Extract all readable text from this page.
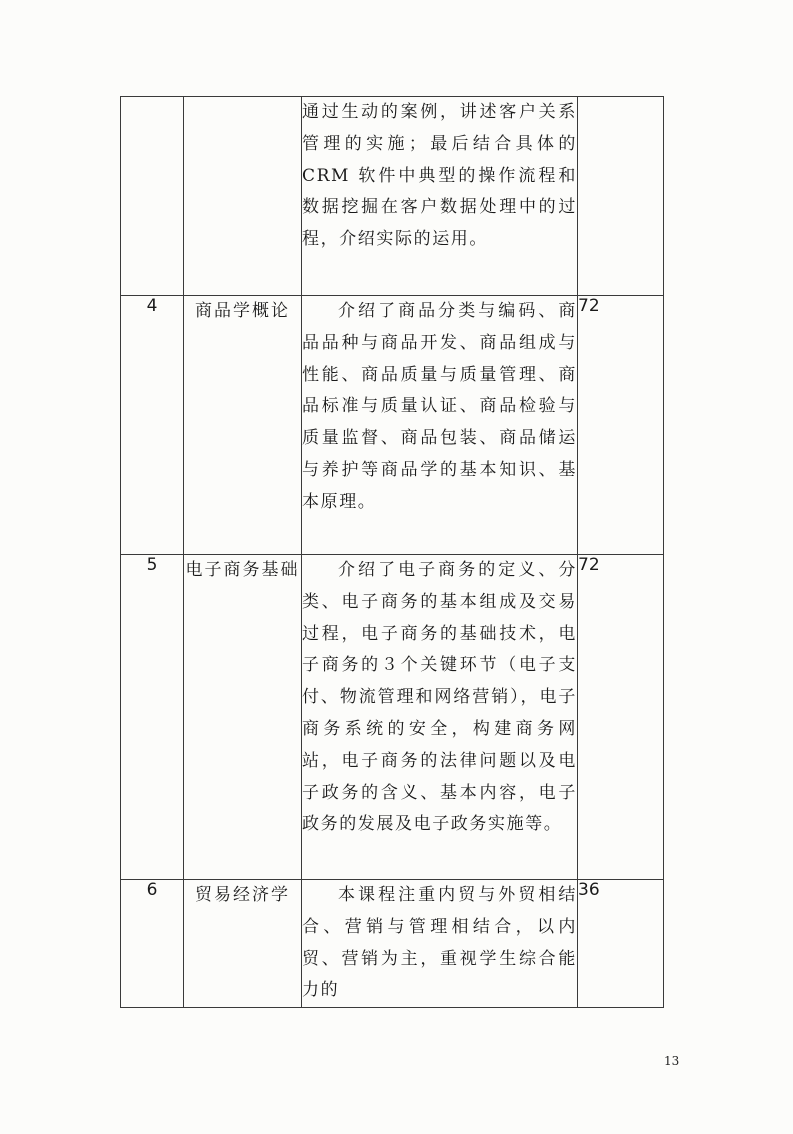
		通过生动的案例，讲述客户关系管理的实施；最后结合具体的CRM 软件中典型的操作流程和数据挖掘在客户数据处理中的过程，介绍实际的运用。	
4	商品学概论	介绍了商品分类与编码、商品品种与商品开发、商品组成与性能、商品质量与质量管理、商品标准与质量认证、商品检验与质量监督、商品包装、商品储运与养护等商品学的基本知识、基本原理。	72
5	电子商务基础	介绍了电子商务的定义、分类、电子商务的基本组成及交易过程，电子商务的基础技术，电子商务的３个关键环节（电子支付、物流管理和网络营销），电子商务系统的安全，构建商务网站，电子商务的法律问题以及电子政务的含义、基本内容，电子政务的发展及电子政务实施等。	72
6	贸易经济学	本课程注重内贸与外贸相结合、营销与管理相结合，以内贸、营销为主，重视学生综合能力的	36
13
